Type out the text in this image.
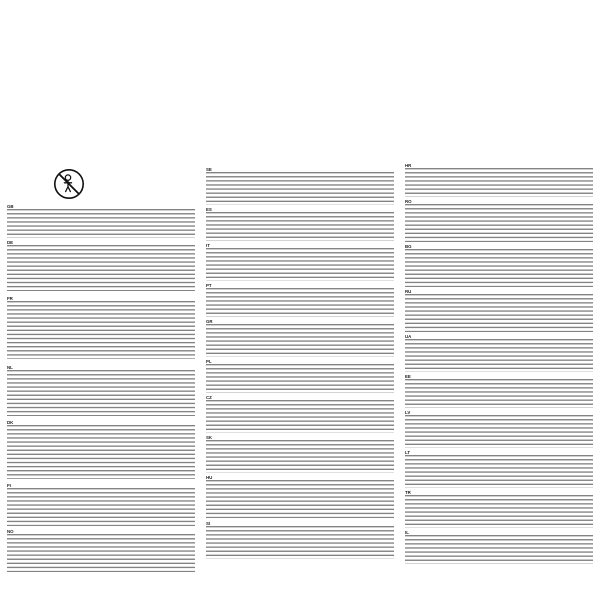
GB
DE
FR
NL
DK
FI
NO
SE
ES
IT
PT
GR
PL
CZ
SK
HU
SI
HR
RO
BG
RU
UA
EE
LV
LT
TR
IL
